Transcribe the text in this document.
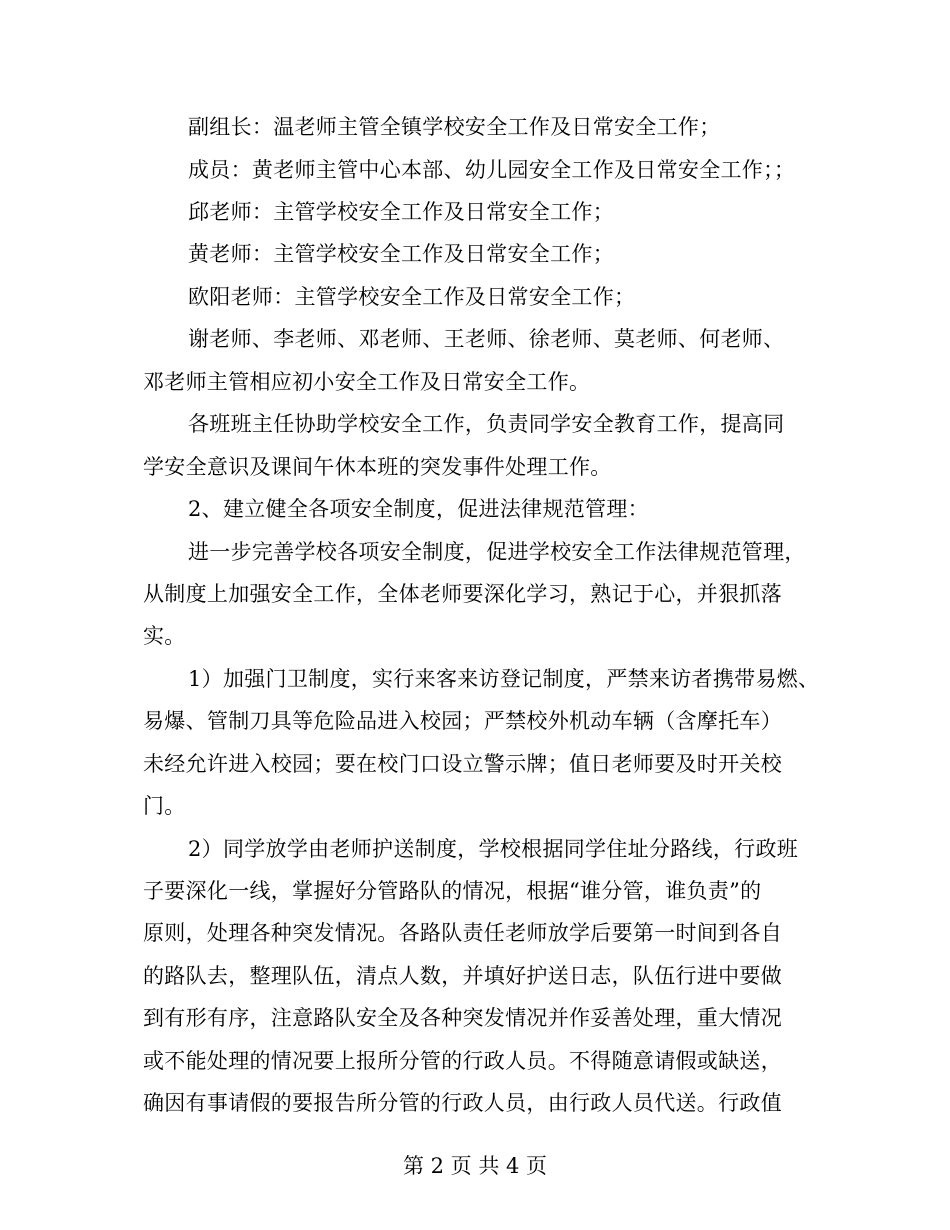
副组长：温老师主管全镇学校安全工作及日常安全工作；
成员：黄老师主管中心本部、幼儿园安全工作及日常安全工作；；
邱老师：主管学校安全工作及日常安全工作；
黄老师：主管学校安全工作及日常安全工作；
欧阳老师：主管学校安全工作及日常安全工作；
谢老师、李老师、邓老师、王老师、徐老师、莫老师、何老师、
邓老师主管相应初小安全工作及日常安全工作。
各班班主任协助学校安全工作，负责同学安全教育工作，提高同
学安全意识及课间午休本班的突发事件处理工作。
2、建立健全各项安全制度，促进法律规范管理：
进一步完善学校各项安全制度，促进学校安全工作法律规范管理，
从制度上加强安全工作，全体老师要深化学习，熟记于心，并狠抓落
实。
1）加强门卫制度，实行来客来访登记制度，严禁来访者携带易燃、
易爆、管制刀具等危险品进入校园；严禁校外机动车辆（含摩托车）
未经允许进入校园；要在校门口设立警示牌；值日老师要及时开关校
门。
2）同学放学由老师护送制度，学校根据同学住址分路线，行政班
子要深化一线，掌握好分管路队的情况，根据“谁分管，谁负责”的
原则，处理各种突发情况。各路队责任老师放学后要第一时间到各自
的路队去，整理队伍，清点人数，并填好护送日志，队伍行进中要做
到有形有序，注意路队安全及各种突发情况并作妥善处理，重大情况
或不能处理的情况要上报所分管的行政人员。不得随意请假或缺送，
确因有事请假的要报告所分管的行政人员，由行政人员代送。行政值
第 2 页 共 4 页
